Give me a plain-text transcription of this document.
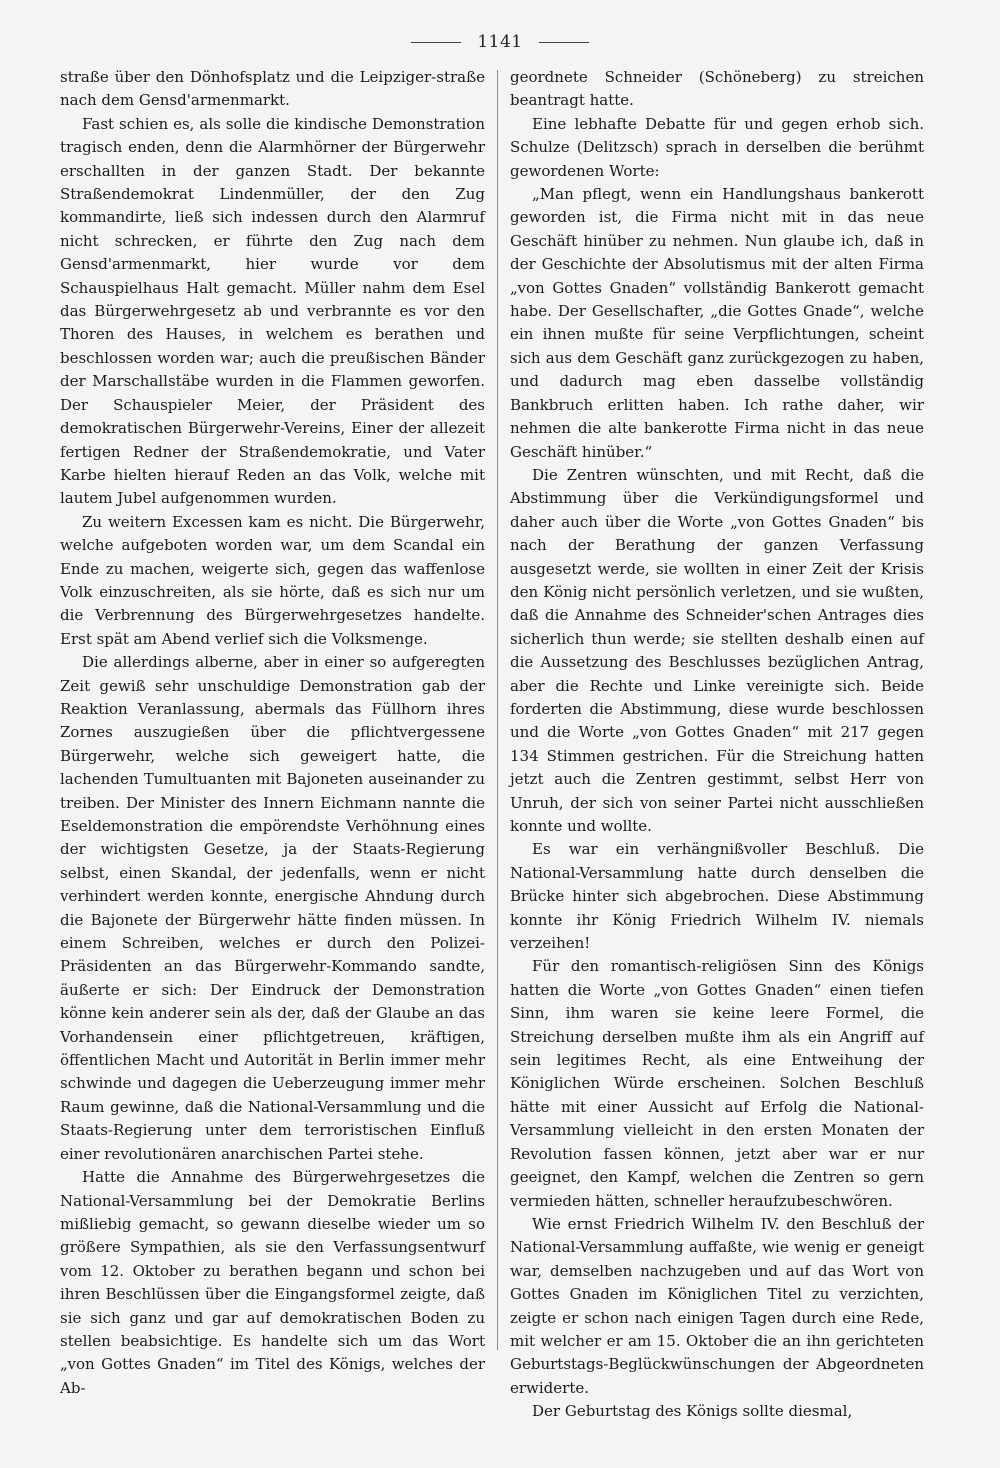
1141

straße über den Dönhofsplatz und die Leipziger-straße nach dem Gensd'armenmarkt.

Fast schien es, als solle die kindische Demonstration tragisch enden, denn die Alarmhörner der Bürgerwehr erschallten in der ganzen Stadt. Der bekannte Straßendemokrat Lindenmüller, der den Zug kommandirte, ließ sich indessen durch den Alarmruf nicht schrecken, er führte den Zug nach dem Gensd'armenmarkt, hier wurde vor dem Schauspielhaus Halt gemacht. Müller nahm dem Esel das Bürgerwehrgesetz ab und verbrannte es vor den Thoren des Hauses, in welchem es berathen und beschlossen worden war; auch die preußischen Bänder der Marschallstäbe wurden in die Flammen geworfen. Der Schauspieler Meier, der Präsident des demokratischen Bürgerwehr-Vereins, Einer der allezeit fertigen Redner der Straßendemokratie, und Vater Karbe hielten hierauf Reden an das Volk, welche mit lautem Jubel aufgenommen wurden.

Zu weitern Excessen kam es nicht. Die Bürgerwehr, welche aufgeboten worden war, um dem Scandal ein Ende zu machen, weigerte sich, gegen das waffenlose Volk einzuschreiten, als sie hörte, daß es sich nur um die Verbrennung des Bürgerwehrgesetzes handelte. Erst spät am Abend verlief sich die Volksmenge.

Die allerdings alberne, aber in einer so aufgeregten Zeit gewiß sehr unschuldige Demonstration gab der Reaktion Veranlassung, abermals das Füllhorn ihres Zornes auszugießen über die pflichtvergessene Bürgerwehr, welche sich geweigert hatte, die lachenden Tumultuanten mit Bajoneten auseinander zu treiben. Der Minister des Innern Eichmann nannte die Eseldemonstration die empörendste Verhöhnung eines der wichtigsten Gesetze, ja der Staats-Regierung selbst, einen Skandal, der jedenfalls, wenn er nicht verhindert werden konnte, energische Ahndung durch die Bajonete der Bürgerwehr hätte finden müssen. In einem Schreiben, welches er durch den Polizei-Präsidenten an das Bürgerwehr-Kommando sandte, äußerte er sich: Der Eindruck der Demonstration könne kein anderer sein als der, daß der Glaube an das Vorhandensein einer pflichtgetreuen, kräftigen, öffentlichen Macht und Autorität in Berlin immer mehr schwinde und dagegen die Ueberzeugung immer mehr Raum gewinne, daß die National-Versammlung und die Staats-Regierung unter dem terroristischen Einfluß einer revolutionären anarchischen Partei stehe.

Hatte die Annahme des Bürgerwehrgesetzes die National-Versammlung bei der Demokratie Berlins mißliebig gemacht, so gewann dieselbe wieder um so größere Sympathien, als sie den Verfassungsentwurf vom 12. Oktober zu berathen begann und schon bei ihren Beschlüssen über die Eingangsformel zeigte, daß sie sich ganz und gar auf demokratischen Boden zu stellen beabsichtige. Es handelte sich um das Wort „von Gottes Gnaden“ im Titel des Königs, welches der Ab-

geordnete Schneider (Schöneberg) zu streichen beantragt hatte.

Eine lebhafte Debatte für und gegen erhob sich. Schulze (Delitzsch) sprach in derselben die berühmt gewordenen Worte:

„Man pflegt, wenn ein Handlungshaus bankerott geworden ist, die Firma nicht mit in das neue Geschäft hinüber zu nehmen. Nun glaube ich, daß in der Geschichte der Absolutismus mit der alten Firma „von Gottes Gnaden“ vollständig Bankerott gemacht habe. Der Gesellschafter, „die Gottes Gnade“, welche ein ihnen mußte für seine Verpflichtungen, scheint sich aus dem Geschäft ganz zurückgezogen zu haben, und dadurch mag eben dasselbe vollständig Bankbruch erlitten haben. Ich rathe daher, wir nehmen die alte bankerotte Firma nicht in das neue Geschäft hinüber.“

Die Zentren wünschten, und mit Recht, daß die Abstimmung über die Verkündigungsformel und daher auch über die Worte „von Gottes Gnaden“ bis nach der Berathung der ganzen Verfassung ausgesetzt werde, sie wollten in einer Zeit der Krisis den König nicht persönlich verletzen, und sie wußten, daß die Annahme des Schneider'schen Antrages dies sicherlich thun werde; sie stellten deshalb einen auf die Aussetzung des Beschlusses bezüglichen Antrag, aber die Rechte und Linke vereinigte sich. Beide forderten die Abstimmung, diese wurde beschlossen und die Worte „von Gottes Gnaden“ mit 217 gegen 134 Stimmen gestrichen. Für die Streichung hatten jetzt auch die Zentren gestimmt, selbst Herr von Unruh, der sich von seiner Partei nicht ausschließen konnte und wollte.

Es war ein verhängnißvoller Beschluß. Die National-Versammlung hatte durch denselben die Brücke hinter sich abgebrochen. Diese Abstimmung konnte ihr König Friedrich Wilhelm IV. niemals verzeihen!

Für den romantisch-religiösen Sinn des Königs hatten die Worte „von Gottes Gnaden“ einen tiefen Sinn, ihm waren sie keine leere Formel, die Streichung derselben mußte ihm als ein Angriff auf sein legitimes Recht, als eine Entweihung der Königlichen Würde erscheinen. Solchen Beschluß hätte mit einer Aussicht auf Erfolg die National-Versammlung vielleicht in den ersten Monaten der Revolution fassen können, jetzt aber war er nur geeignet, den Kampf, welchen die Zentren so gern vermieden hätten, schneller heraufzubeschwören.

Wie ernst Friedrich Wilhelm IV. den Beschluß der National-Versammlung auffaßte, wie wenig er geneigt war, demselben nachzugeben und auf das Wort von Gottes Gnaden im Königlichen Titel zu verzichten, zeigte er schon nach einigen Tagen durch eine Rede, mit welcher er am 15. Oktober die an ihn gerichteten Geburtstags-Beglückwünschungen der Abgeordneten erwiderte.

Der Geburtstag des Königs sollte diesmal,
